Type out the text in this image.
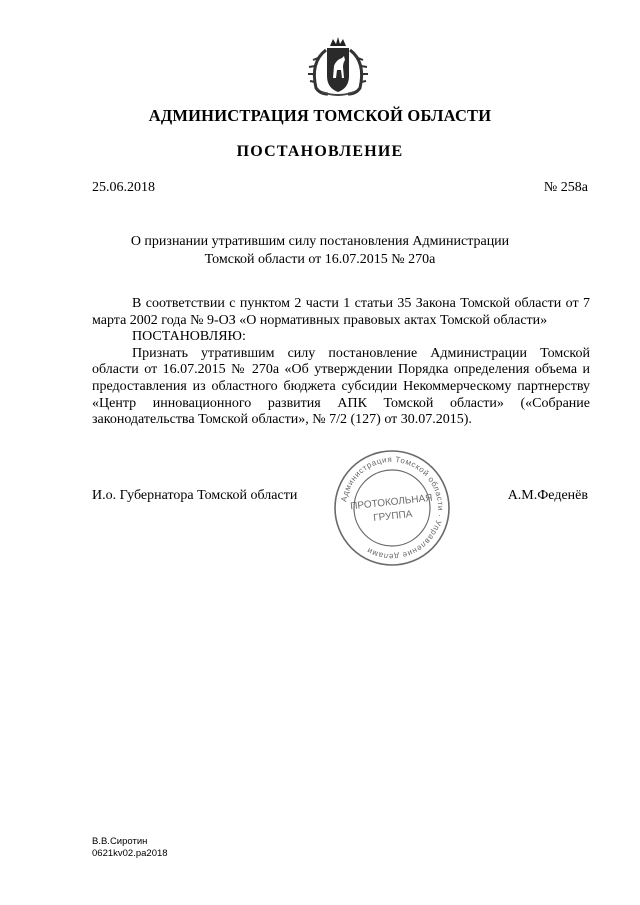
АДМИНИСТРАЦИЯ ТОМСКОЙ ОБЛАСТИ
ПОСТАНОВЛЕНИЕ
25.06.2018	№ 258а
О признании утратившим силу постановления Администрации
Томской области от 16.07.2015 № 270а
В соответствии с пунктом 2 части 1 статьи 35 Закона Томской области от 7 марта 2002 года № 9-ОЗ «О нормативных правовых актах Томской области»
ПОСТАНОВЛЯЮ:
Признать утратившим силу постановление Администрации Томской области от 16.07.2015 № 270а «Об утверждении Порядка определения объема и предоставления из областного бюджета субсидии Некоммерческому партнерству «Центр инновационного развития АПК Томской области» («Собрание законодательства Томской области», № 7/2 (127) от 30.07.2015).
И.о. Губернатора Томской области	А.М.Феденёв
Администрация Томской области · Управление делами
ПРОТОКОЛЬНАЯ
ГРУППА
В.В.Сиротин
0621kv02.pa2018
